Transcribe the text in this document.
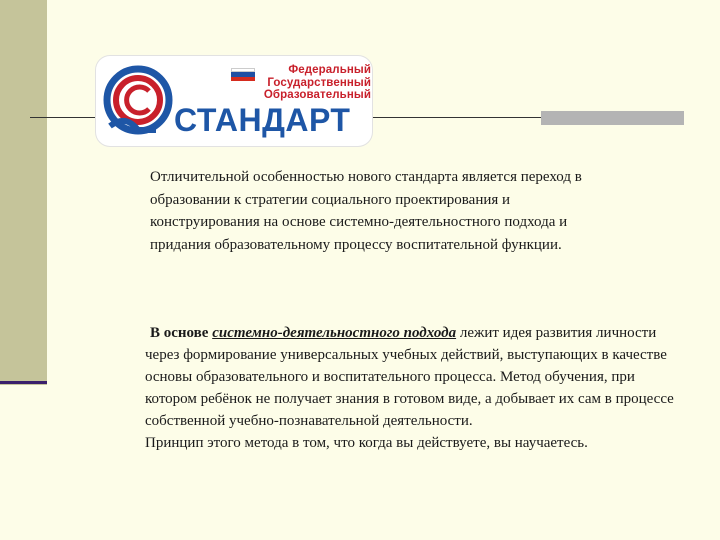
Федеральный
Государственный
Образовательный
СТАНДАРТ
Отличительной особенностью нового стандарта является переход в образовании к стратегии социального проектирования и конструирования на основе системно-деятельностного подхода и придания образовательному процессу воспитательной функции.
В основе системно-деятельностного подхода лежит идея развития личности через формирование универсальных учебных действий, выступающих в качестве основы образовательного и воспитательного процесса. Метод обучения, при котором ребёнок не получает знания в готовом виде, а добывает их сам в процессе собственной учебно-познавательной деятельности.
Принцип этого метода в том, что когда вы действуете, вы научаетесь.
